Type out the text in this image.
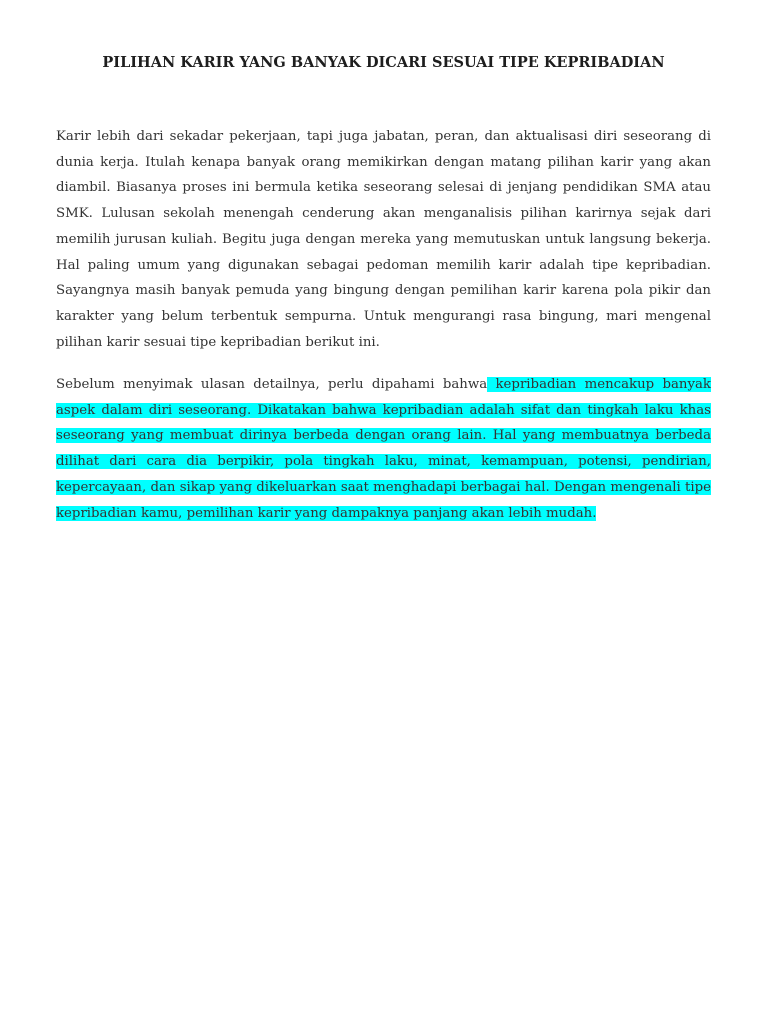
PILIHAN KARIR YANG BANYAK DICARI SESUAI TIPE KEPRIBADIAN

Karir lebih dari sekadar pekerjaan, tapi juga jabatan, peran, dan aktualisasi diri seseorang di dunia kerja. Itulah kenapa banyak orang memikirkan dengan matang pilihan karir yang akan diambil. Biasanya proses ini bermula ketika seseorang selesai di jenjang pendidikan SMA atau SMK. Lulusan sekolah menengah cenderung akan menganalisis pilihan karirnya sejak dari memilih jurusan kuliah. Begitu juga dengan mereka yang memutuskan untuk langsung bekerja. Hal paling umum yang digunakan sebagai pedoman memilih karir adalah tipe kepribadian. Sayangnya masih banyak pemuda yang bingung dengan pemilihan karir karena pola pikir dan karakter yang belum terbentuk sempurna. Untuk mengurangi rasa bingung, mari mengenal pilihan karir sesuai tipe kepribadian berikut ini.

Sebelum menyimak ulasan detailnya, perlu dipahami bahwa kepribadian mencakup banyak aspek dalam diri seseorang. Dikatakan bahwa kepribadian adalah sifat dan tingkah laku khas seseorang yang membuat dirinya berbeda dengan orang lain. Hal yang membuatnya berbeda dilihat dari cara dia berpikir, pola tingkah laku, minat, kemampuan, potensi, pendirian, kepercayaan, dan sikap yang dikeluarkan saat menghadapi berbagai hal. Dengan mengenali tipe kepribadian kamu, pemilihan karir yang dampaknya panjang akan lebih mudah.
